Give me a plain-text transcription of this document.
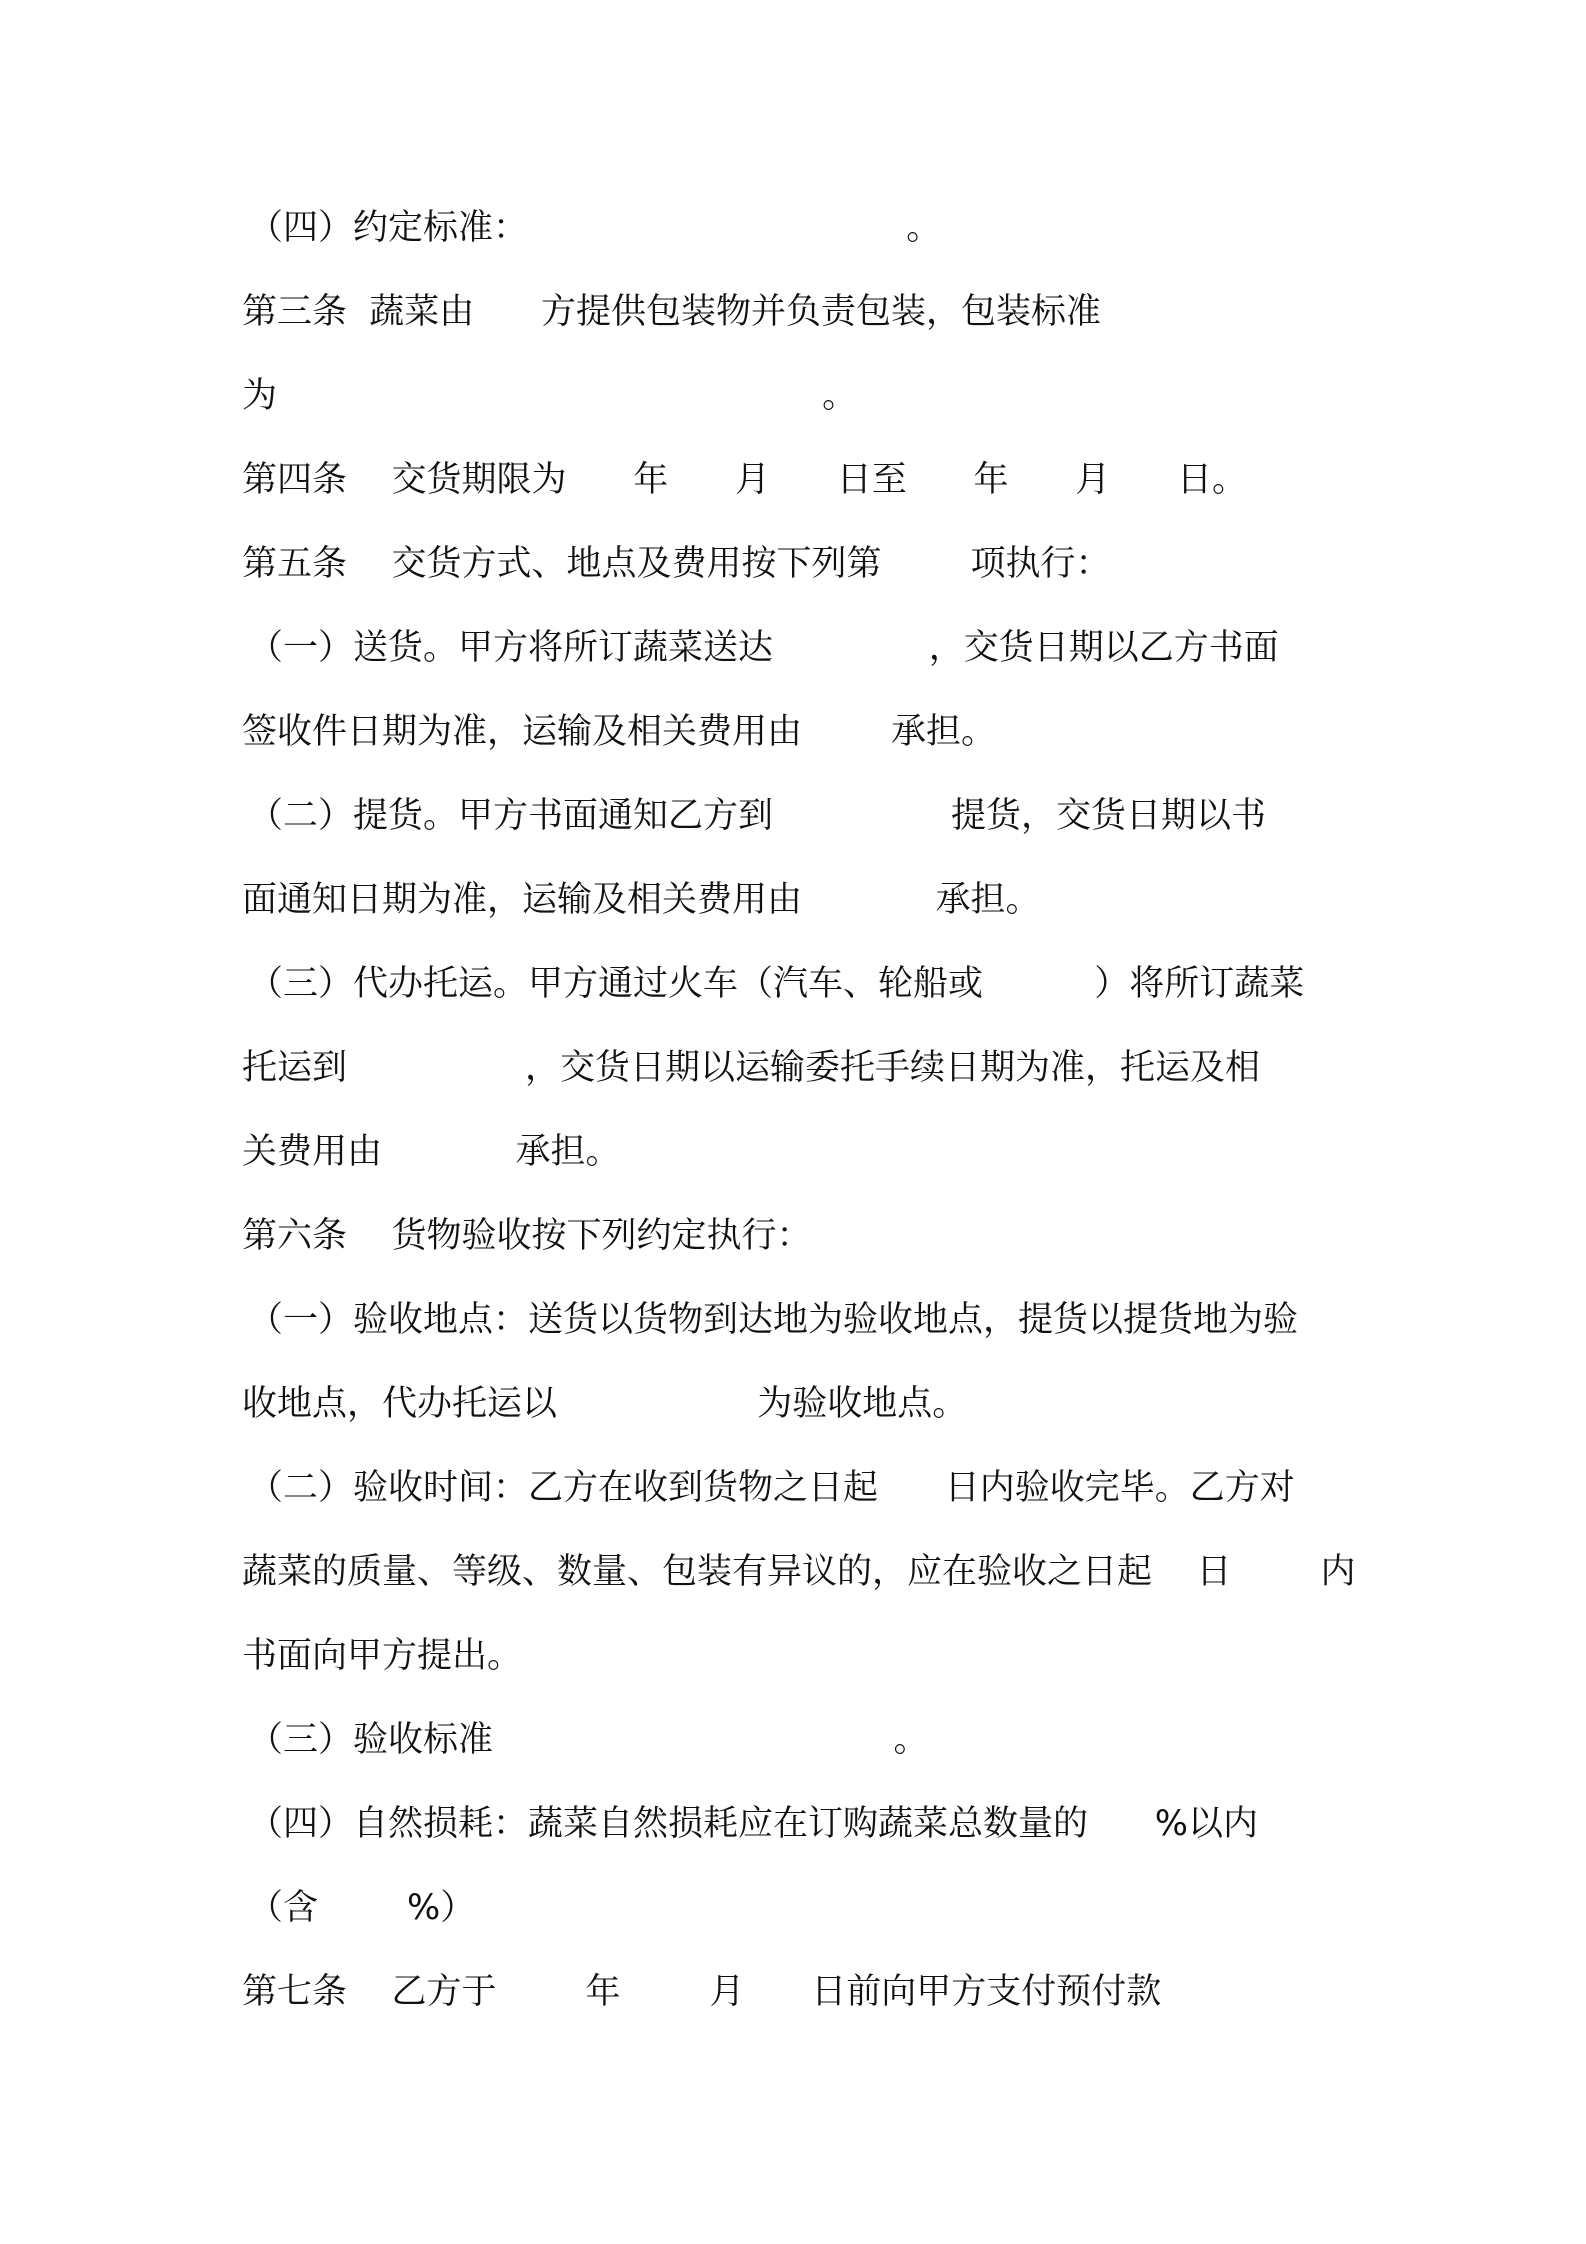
（四）约定标准：                                  。
第三条  蔬菜由      方提供包装物并负责包装，包装标准
为                                                 。
第四条    交货期限为      年      月      日至      年      月      日。
第五条    交货方式、地点及费用按下列第        项执行：
（一）送货。甲方将所订蔬菜送达              ，交货日期以乙方书面
签收件日期为准，运输及相关费用由        承担。
（二）提货。甲方书面通知乙方到                提货，交货日期以书
面通知日期为准，运输及相关费用由            承担。
（三）代办托运。甲方通过火车（汽车、轮船或          ）将所订蔬菜
托运到                ，交货日期以运输委托手续日期为准，托运及相
关费用由            承担。
第六条    货物验收按下列约定执行：
（一）验收地点：送货以货物到达地为验收地点，提货以提货地为验
收地点，代办托运以                  为验收地点。
（二）验收时间：乙方在收到货物之日起      日内验收完毕。乙方对
蔬菜的质量、等级、数量、包装有异议的，应在验收之日起    日        内
书面向甲方提出。
（三）验收标准                                    。
（四）自然损耗：蔬菜自然损耗应在订购蔬菜总数量的      %以内
（含        %）
第七条    乙方于        年        月      日前向甲方支付预付款
